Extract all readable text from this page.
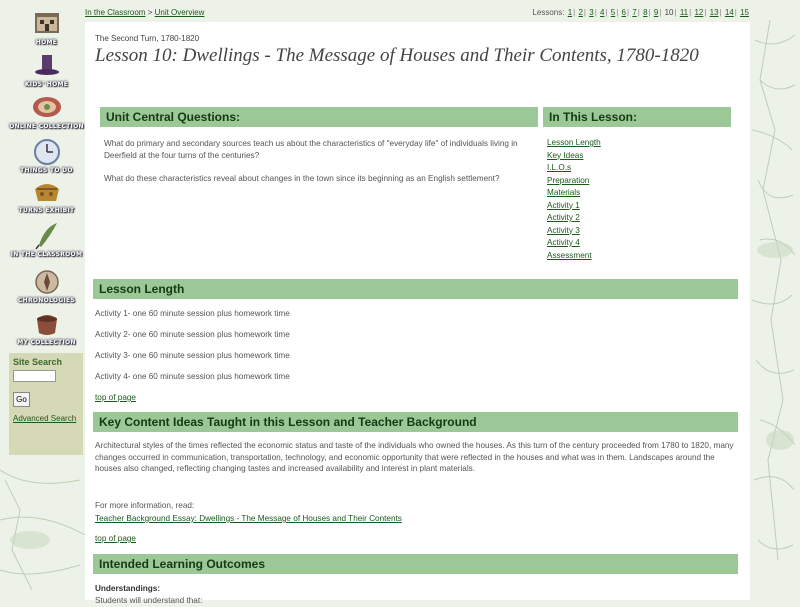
HOME
KIDS' HOME
ONLINE COLLECTION
THINGS TO DO
TURNS EXHIBIT
IN THE CLASSROOM
CHRONOLOGIES
MY COLLECTION
Site Search
Go
Advanced Search
In the Classroom > Unit Overview	Lessons: 1| 2| 3| 4| 5| 6| 7| 8| 9| 10| 11| 12| 13| 14| 15
The Second Turn, 1780-1820
Lesson 10: Dwellings - The Message of Houses and Their Contents, 1780-1820
Unit Central Questions:
What do primary and secondary sources teach us about the characteristics of "everyday life" of individuals living in Deerfield at the four turns of the centuries?
What do these characteristics reveal about changes in the town since its beginning as an English settlement?
In This Lesson:
Lesson Length
Key Ideas
I.L.O.s
Preparation
Materials
Activity 1
Activity 2
Activity 3
Activity 4
Assessment
Lesson Length
Activity 1- one 60 minute session plus homework time
Activity 2- one 60 minute session plus homework time
Activity 3- one 60 minute session plus homework time
Activity 4- one 60 minute session plus homework time
top of page
Key Content Ideas Taught in this Lesson and Teacher Background
Architectural styles of the times reflected the economic status and taste of the individuals who owned the houses. As this turn of the century proceeded from 1780 to 1820, many changes occurred in communication, transportation, technology, and economic opportunity that were reflected in the houses and what was in them. Landscapes around the houses also changed, reflecting changing tastes and increased availability and interest in plant materials.
For more information, read:
Teacher Background Essay: Dwellings - The Message of Houses and Their Contents
top of page
Intended Learning Outcomes
Understandings:
Students will understand that:
